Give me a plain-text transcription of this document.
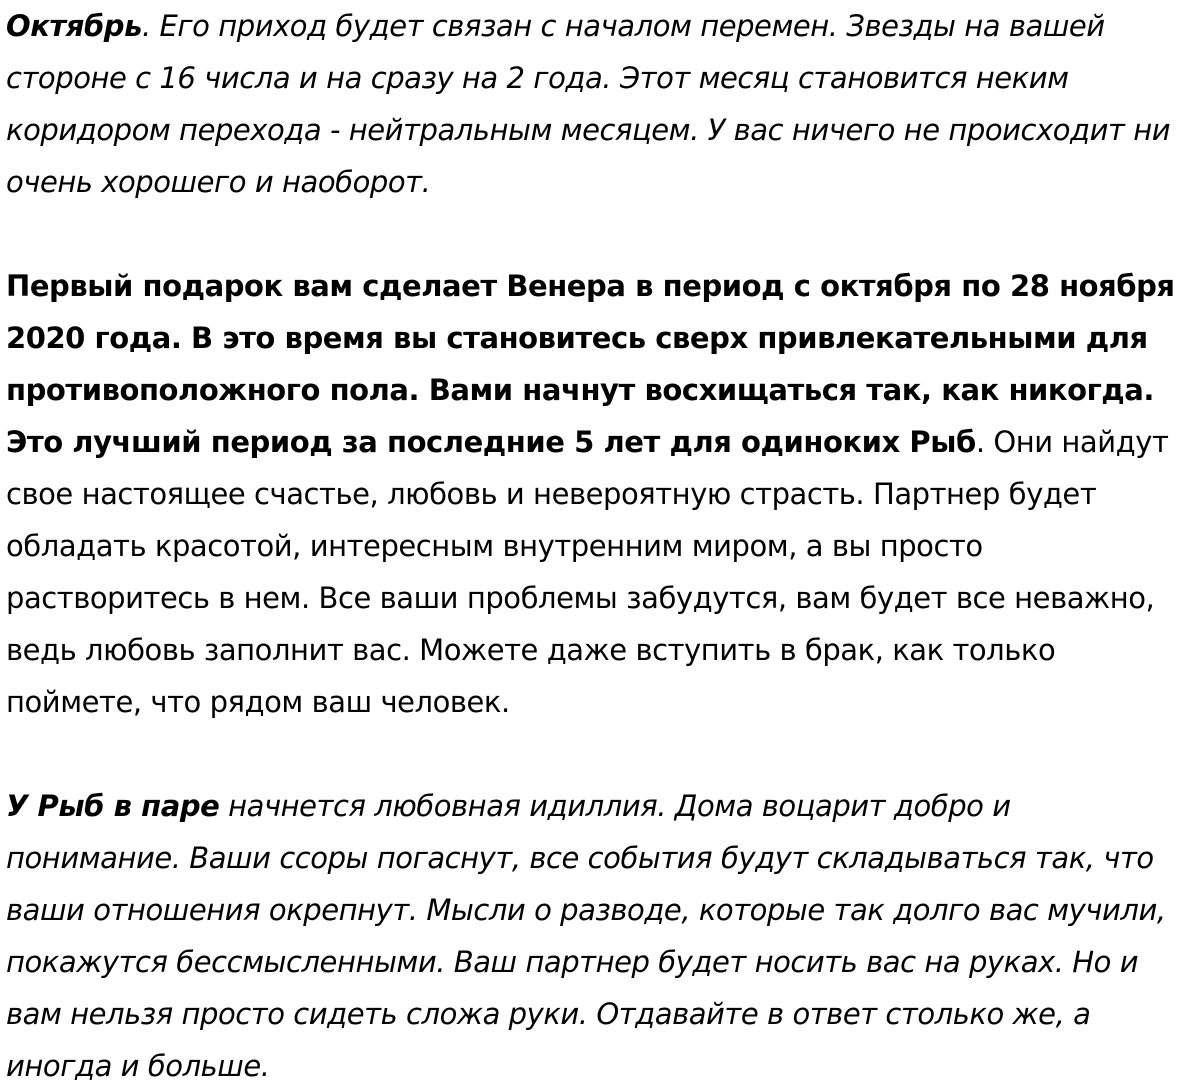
Октябрь. Его приход будет связан с началом перемен. Звезды на вашей стороне с 16 числа и на сразу на 2 года. Этот месяц становится неким коридором перехода - нейтральным месяцем. У вас ничего не происходит ни очень хорошего и наоборот.

Первый подарок вам сделает Венера в период с октября по 28 ноября 2020 года. В это время вы становитесь сверх привлекательными для противоположного пола. Вами начнут восхищаться так, как никогда. Это лучший период за последние 5 лет для одиноких Рыб. Они найдут свое настоящее счастье, любовь и невероятную страсть. Партнер будет обладать красотой, интересным внутренним миром, а вы просто растворитесь в нем. Все ваши проблемы забудутся, вам будет все неважно, ведь любовь заполнит вас. Можете даже вступить в брак, как только поймете, что рядом ваш человек.

У Рыб в паре начнется любовная идиллия. Дома воцарит добро и понимание. Ваши ссоры погаснут, все события будут складываться так, что ваши отношения окрепнут. Мысли о разводе, которые так долго вас мучили, покажутся бессмысленными. Ваш партнер будет носить вас на руках. Но и вам нельзя просто сидеть сложа руки. Отдавайте в ответ столько же, а иногда и больше.
